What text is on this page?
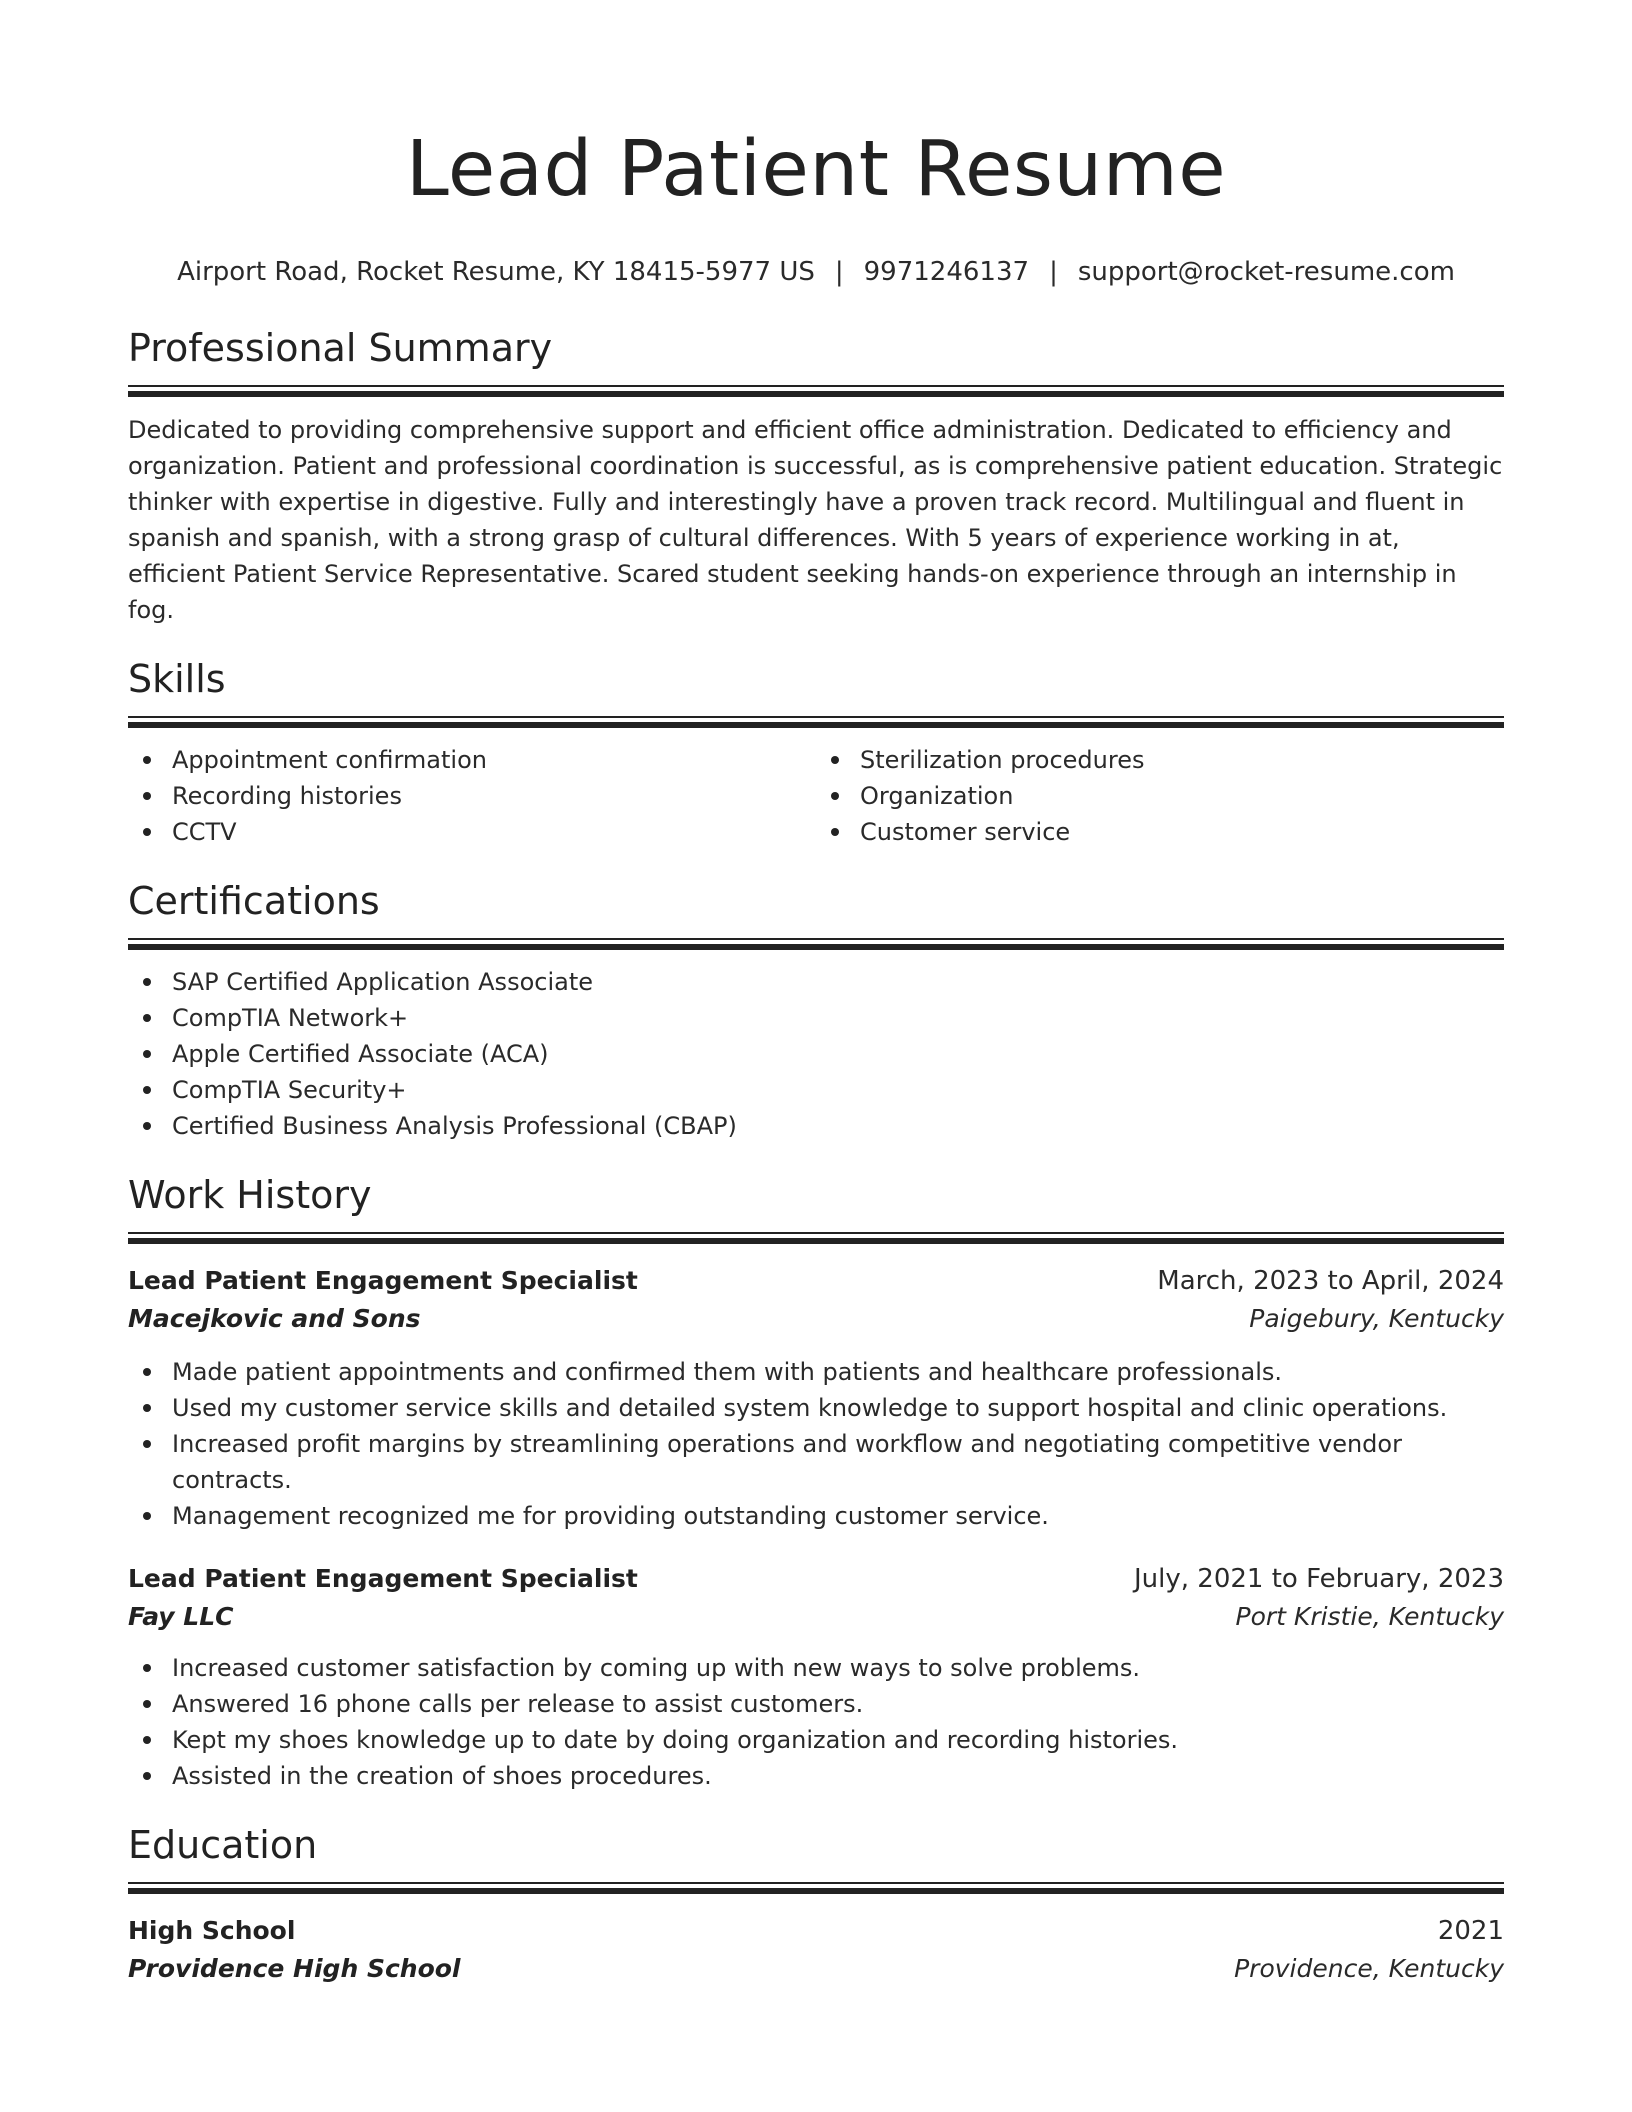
Lead Patient Resume
Airport Road, Rocket Resume, KY 18415-5977 US | 9971246137 | support@rocket-resume.com
Professional Summary

Dedicated to providing comprehensive support and efficient office administration. Dedicated to efficiency and organization. Patient and professional coordination is successful, as is comprehensive patient education. Strategic thinker with expertise in digestive. Fully and interestingly have a proven track record. Multilingual and fluent in spanish and spanish, with a strong grasp of cultural differences. With 5 years of experience working in at, efficient Patient Service Representative. Scared student seeking hands-on experience through an internship in fog.

Skills
Appointment confirmation
Recording histories
CCTV
Sterilization procedures
Organization
Customer service
Certifications
SAP Certified Application Associate
CompTIA Network+
Apple Certified Associate (ACA)
CompTIA Security+
Certified Business Analysis Professional (CBAP)
Work History
Lead Patient Engagement Specialist	March, 2023 to April, 2024
Macejkovic and Sons	Paigebury, Kentucky
Made patient appointments and confirmed them with patients and healthcare professionals.
Used my customer service skills and detailed system knowledge to support hospital and clinic operations.
Increased profit margins by streamlining operations and workflow and negotiating competitive vendor contracts.
Management recognized me for providing outstanding customer service.
Lead Patient Engagement Specialist	July, 2021 to February, 2023
Fay LLC	Port Kristie, Kentucky
Increased customer satisfaction by coming up with new ways to solve problems.
Answered 16 phone calls per release to assist customers.
Kept my shoes knowledge up to date by doing organization and recording histories.
Assisted in the creation of shoes procedures.
Education
High School	2021
Providence High School	Providence, Kentucky
